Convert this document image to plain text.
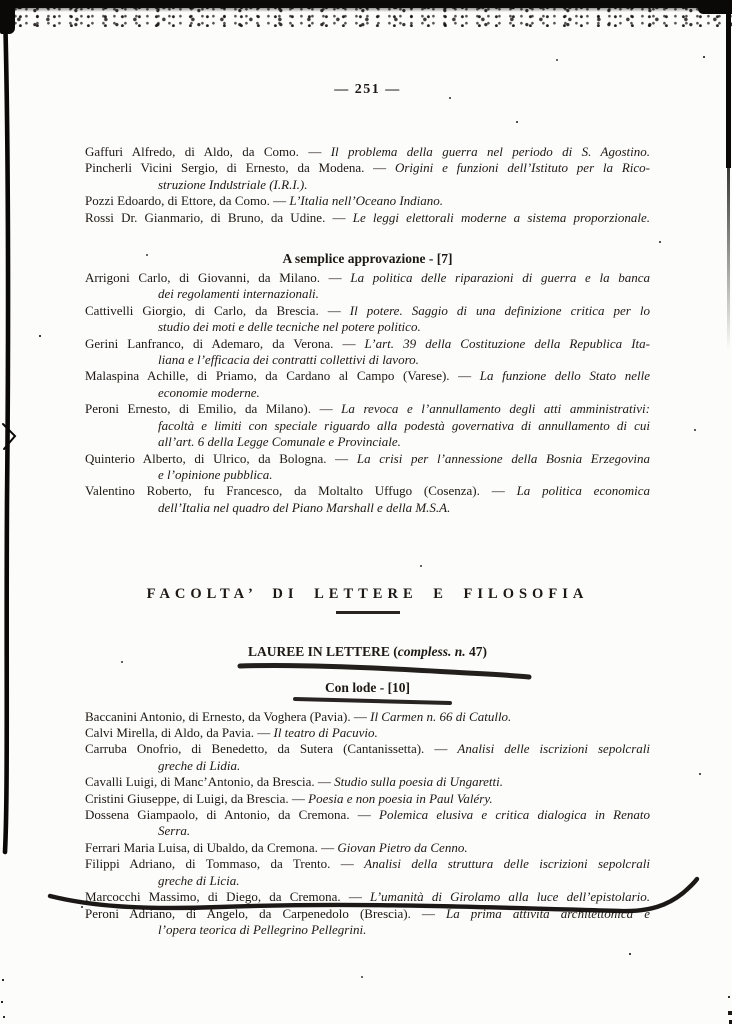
— 251 —
Gaffuri Alfredo, di Aldo, da Como. — Il problema della guerra nel periodo di S. Agostino.
Pincherli Vicini Sergio, di Ernesto, da Modena. — Origini e funzioni dell’Istituto per la Rico-
struzione Industriale (I.R.I.).
Pozzi Edoardo, di Ettore, da Como. — L’Italia nell’Oceano Indiano.
Rossi Dr. Gianmario, di Bruno, da Udine. — Le leggi elettorali moderne a sistema proporzionale.
A semplice approvazione - [7]
Arrigoni Carlo, di Giovanni, da Milano. — La politica delle riparazioni di guerra e la banca
dei regolamenti internazionali.
Cattivelli Giorgio, di Carlo, da Brescia. — Il potere. Saggio di una definizione critica per lo
studio dei moti e delle tecniche nel potere politico.
Gerini Lanfranco, di Ademaro, da Verona. — L’art. 39 della Costituzione della Republica Ita-
liana e l’efficacia dei contratti collettivi di lavoro.
Malaspina Achille, di Priamo, da Cardano al Campo (Varese). — La funzione dello Stato nelle
economie moderne.
Peroni Ernesto, di Emilio, da Milano). — La revoca e l’annullamento degli atti amministrativi:
facoltà e limiti con speciale riguardo alla podestà governativa di annullamento di cui
all’art. 6 della Legge Comunale e Provinciale.
Quinterio Alberto, di Ulrico, da Bologna. — La crisi per l’annessione della Bosnia Erzegovina
e l’opinione pubblica.
Valentino Roberto, fu Francesco, da Moltalto Uffugo (Cosenza). — La politica economica
dell’Italia nel quadro del Piano Marshall e della M.S.A.
FACOLTA’ DI LETTERE E FILOSOFIA
LAUREE IN LETTERE (compless. n. 47)
Con lode - [10]
Baccanini Antonio, di Ernesto, da Voghera (Pavia). — Il Carmen n. 66 di Catullo.
Calvi Mirella, di Aldo, da Pavia. — Il teatro di Pacuvio.
Carruba Onofrio, di Benedetto, da Sutera (Cantanissetta). — Analisi delle iscrizioni sepolcrali
greche di Lidia.
Cavalli Luigi, di Manc’Antonio, da Brescia. — Studio sulla poesia di Ungaretti.
Cristini Giuseppe, di Luigi, da Brescia. — Poesia e non poesia in Paul Valéry.
Dossena Giampaolo, di Antonio, da Cremona. — Polemica elusiva e critica dialogica in Renato
Serra.
Ferrari Maria Luisa, di Ubaldo, da Cremona. — Giovan Pietro da Cenno.
Filippi Adriano, di Tommaso, da Trento. — Analisi della struttura delle iscrizioni sepolcrali
greche di Licia.
Marcocchi Massimo, di Diego, da Cremona. — L’umanità di Girolamo alla luce dell’epistolario.
Peroni Adriano, di Angelo, da Carpenedolo (Brescia). — La prima attività architettonica e
l’opera teorica di Pellegrino Pellegrini.
